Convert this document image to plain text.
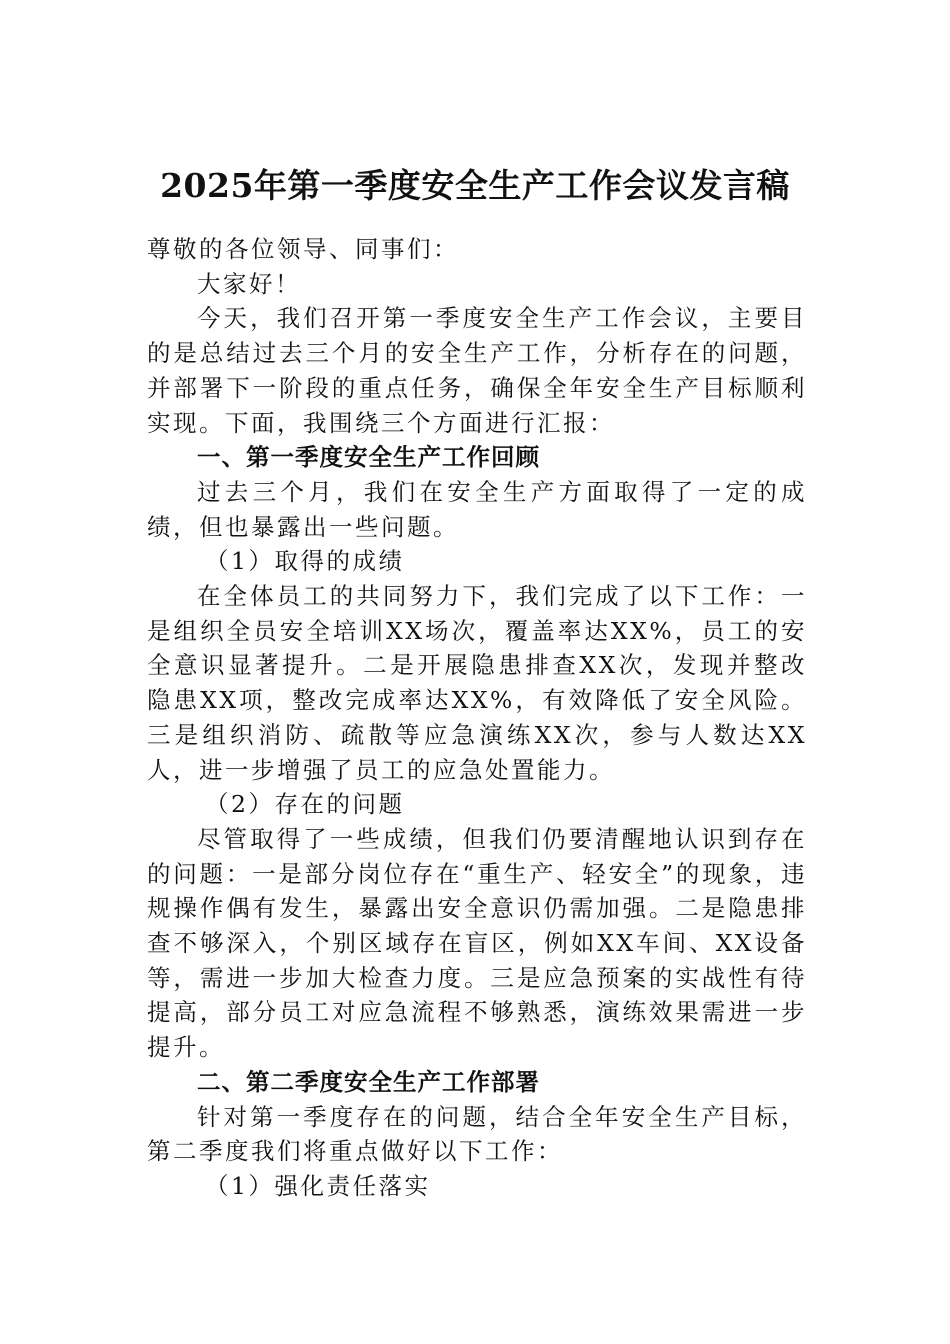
2025年第一季度安全生产工作会议发言稿

尊敬的各位领导、同事们：

大家好！

今天，我们召开第一季度安全生产工作会议，主要目的是总结过去三个月的安全生产工作，分析存在的问题，并部署下一阶段的重点任务，确保全年安全生产目标顺利实现。下面，我围绕三个方面进行汇报：

一、第一季度安全生产工作回顾

过去三个月，我们在安全生产方面取得了一定的成绩，但也暴露出一些问题。

（1）取得的成绩

在全体员工的共同努力下，我们完成了以下工作：一是组织全员安全培训XX场次，覆盖率达XX%，员工的安全意识显著提升。二是开展隐患排查XX次，发现并整改隐患XX项，整改完成率达XX%，有效降低了安全风险。三是组织消防、疏散等应急演练XX次，参与人数达XX人，进一步增强了员工的应急处置能力。

（2）存在的问题

尽管取得了一些成绩，但我们仍要清醒地认识到存在的问题：一是部分岗位存在“重生产、轻安全”的现象，违规操作偶有发生，暴露出安全意识仍需加强。二是隐患排查不够深入，个别区域存在盲区，例如XX车间、XX设备等，需进一步加大检查力度。三是应急预案的实战性有待提高，部分员工对应急流程不够熟悉，演练效果需进一步提升。

二、第二季度安全生产工作部署

针对第一季度存在的问题，结合全年安全生产目标，第二季度我们将重点做好以下工作：

（1）强化责任落实
